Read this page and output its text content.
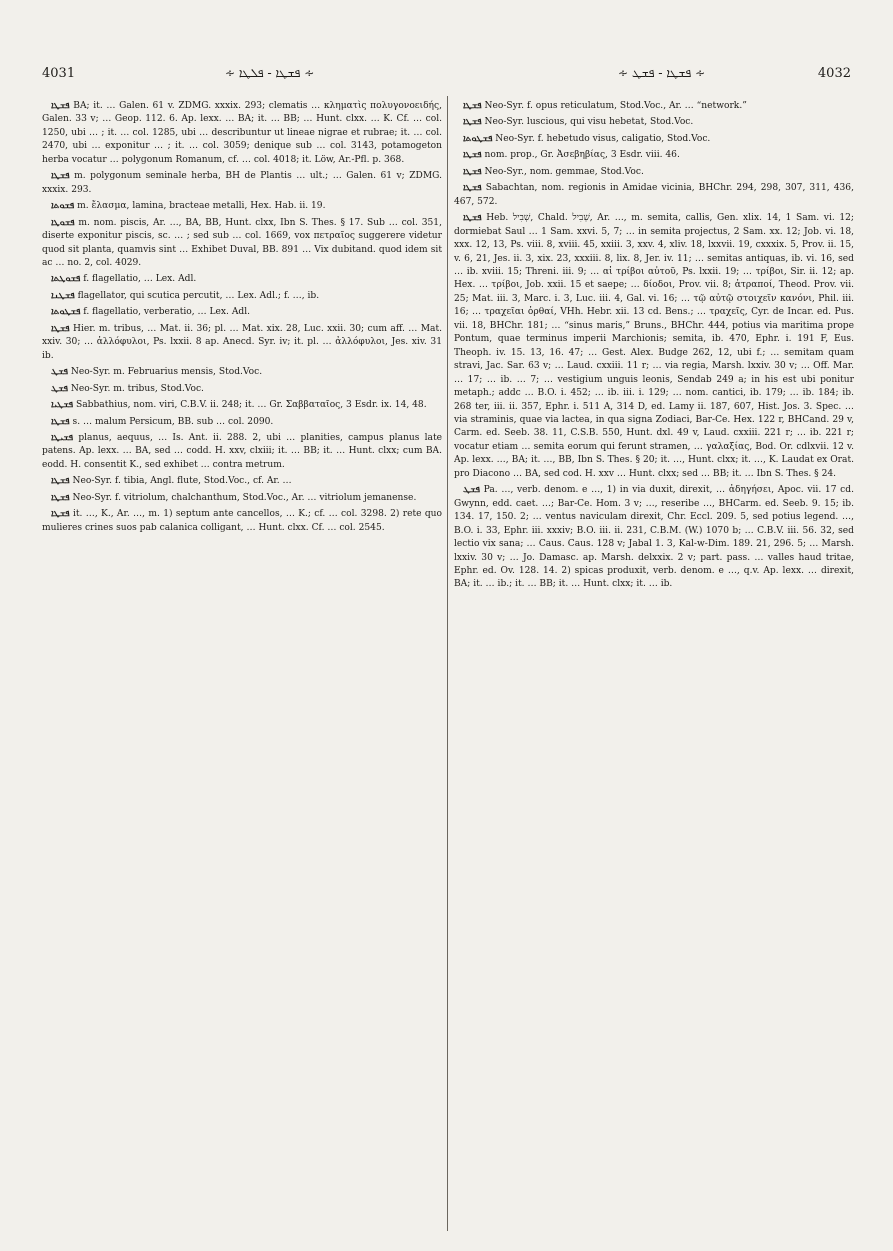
4031	∻ ܦܫܛܐ - ܦܠܛܐ ∻	∻ ܦܫܛܐ - ܦܫܛ ∻	4032

ܦܫܛܐ BA; it. … Galen. 61 v. ZDMG. xxxix. 293; clematis … κληματὶς πολυγονοειδής, Galen. 33 v; … Geop. 112. 6. Ap. lexx. … BA; it. … BB; … Hunt. clxx. … K. Cf. … col. 1250, ubi … ; it. … col. 1285, ubi … describuntur ut lineae nigrae et rubrae; it. … col. 2470, ubi … exponitur … ; it. … col. 3059; denique sub … col. 3143, potamogeton herba vocatur … polygonum Romanum, cf. … col. 4018; it. Löw, Ar.-Pfl. p. 368.

ܦܫܛܐ m. polygonum seminale herba, BH de Plantis … ult.; … Galen. 61 v; ZDMG. xxxix. 293.

ܦܫܘܬܐ m. ἔλασμα, lamina, bracteae metalli, Hex. Hab. ii. 19.

ܦܫܘܛܐ m. nom. piscis, Ar. …, BA, BB, Hunt. clxx, Ibn S. Thes. § 17. Sub … col. 351, diserte exponitur piscis, sc. … ; sed sub … col. 1669, vox πετραῖος suggerere videtur quod sit planta, quamvis sint … Exhibet Duval, BB. 891 … Vix dubitand. quod idem sit ac … no. 2, col. 4029.

ܦܫܘܛܬܐ f. flagellatio, … Lex. Adl.

ܦܫܛܢܐ flagellator, qui scutica percutit, … Lex. Adl.; f. …, ib.

ܦܫܛܘܬܐ f. flagellatio, verberatio, … Lex. Adl.

ܦܫܛܐ Hier. m. tribus, … Mat. ii. 36; pl. … Mat. xix. 28, Luc. xxii. 30; cum aff. … Mat. xxiv. 30; … ἀλλόφυλοι, Ps. lxxii. 8 ap. Anecd. Syr. iv; it. pl. … ἀλλόφυλοι, Jes. xiv. 31 ib.

ܦܫܛ Neo-Syr. m. Februarius mensis, Stod.Voc.

ܦܫܛ Neo-Syr. m. tribus, Stod.Voc.

ܦܫܛܝܐ Sabbathius, nom. viri, C.B.V. ii. 248; it. … Gr. Σαββαταῖος, 3 Esdr. ix. 14, 48.

ܦܫܛܐ s. … malum Persicum, BB. sub … col. 2090.

ܦܫܝܛܐ planus, aequus, … Is. Ant. ii. 288. 2, ubi … planities, campus planus late patens. Ap. lexx. … BA, sed … codd. H. xxv, clxiii; it. … BB; it. … Hunt. clxx; cum BA. eodd. H. consentit K., sed exhibet … contra metrum.

ܦܫܛܐ Neo-Syr. f. tibia, Angl. flute, Stod.Voc., cf. Ar. …

ܦܫܛܐ Neo-Syr. f. vitriolum, chalchanthum, Stod.Voc., Ar. … vitriolum jemanense.

ܦܫܛܐ it. …, K., Ar. …, m. 1) septum ante cancellos, … K.; cf. … col. 3298. 2) rete quo mulieres crines suos pab calanica colligant, … Hunt. clxx. Cf. … col. 2545.

ܦܫܛܐ Neo-Syr. f. opus reticulatum, Stod.Voc., Ar. … “network.”

ܦܫܛܐ Neo-Syr. luscious, qui visu hebetat, Stod.Voc.

ܦܫܛܘܬܐ Neo-Syr. f. hebetudo visus, caligatio, Stod.Voc.

ܦܫܛܐ nom. prop., Gr. Ἀσεβηβίας, 3 Esdr. viii. 46.

ܦܫܛܐ Neo-Syr., nom. gemmae, Stod.Voc.

ܦܫܛܐ Sabachtan, nom. regionis in Amidae vicinia, BHChr. 294, 298, 307, 311, 436, 467, 572.

ܦܫܛܐ Heb. שְׁבִיל, Chald. שְׁבִיל, Ar. …, m. semita, callis, Gen. xlix. 14, 1 Sam. vi. 12; dormiebat Saul … 1 Sam. xxvi. 5, 7; … in semita projectus, 2 Sam. xx. 12; Job. vi. 18, xxx. 12, 13, Ps. viii. 8, xviii. 45, xxiii. 3, xxv. 4, xliv. 18, lxxvii. 19, cxxxix. 5, Prov. ii. 15, v. 6, 21, Jes. ii. 3, xix. 23, xxxiii. 8, lix. 8, Jer. iv. 11; … semitas antiquas, ib. vi. 16, sed … ib. xviii. 15; Threni. iii. 9; … αἱ τρίβοι αὐτοῦ, Ps. lxxii. 19; … τρίβοι, Sir. ii. 12; ap. Hex. … τρίβοι, Job. xxii. 15 et saepe; … δίοδοι, Prov. vii. 8; ἀτραποί, Theod. Prov. vii. 25; Mat. iii. 3, Marc. i. 3, Luc. iii. 4, Gal. vi. 16; … τῷ αὐτῷ στοιχεῖν κανόνι, Phil. iii. 16; … τραχεῖαι ὀρθαί, VHh. Hebr. xii. 13 cd. Bens.; … τραχεῖς, Cyr. de Incar. ed. Pus. vii. 18, BHChr. 181; … “sinus maris,” Bruns., BHChr. 444, potius via maritima prope Pontum, quae terminus imperii Marchionis; semita, ib. 470, Ephr. i. 191 F, Eus. Theoph. iv. 15. 13, 16. 47; … Gest. Alex. Budge 262, 12, ubi f.; … semitam quam stravi, Jac. Sar. 63 v; … Laud. cxxiii. 11 r; … via regia, Marsh. lxxiv. 30 v; … Off. Mar. … 17; … ib. … 7; … vestigium unguis leonis, Sendab 249 a; in his est ubi ponitur metaph.; addc … B.O. i. 452; … ib. iii. i. 129; … nom. cantici, ib. 179; … ib. 184; ib. 268 ter, iii. ii. 357, Ephr. i. 511 A, 314 D, ed. Lamy ii. 187, 607, Hist. Jos. 3. Spec. … via straminis, quae via lactea, in qua signa Zodiaci, Bar-Ce. Hex. 122 r, BHCand. 29 v, Carm. ed. Seeb. 38. 11, C.S.B. 550, Hunt. dxl. 49 v, Laud. cxxiii. 221 r; … ib. 221 r; vocatur etiam … semita eorum qui ferunt stramen, … γαλαξίας, Bod. Or. cdlxvii. 12 v. Ap. lexx. …, BA; it. …, BB, Ibn S. Thes. § 20; it. …, Hunt. clxx; it. …, K. Laudat ex Orat. pro Diacono … BA, sed cod. H. xxv … Hunt. clxx; sed … BB; it. … Ibn S. Thes. § 24.

ܦܫܛ Pa. …, verb. denom. e …, 1) in via duxit, direxit, … ἀδηγήσει, Apoc. vii. 17 cd. Gwynn, edd. caet. …; Bar-Ce. Hom. 3 v; …, reseribe …, BHCarm. ed. Seeb. 9. 15; ib. 134. 17, 150. 2; … ventus naviculam direxit, Chr. Eccl. 209. 5, sed potius legend. …, B.O. i. 33, Ephr. iii. xxxiv; B.O. iii. ii. 231, C.B.M. (W.) 1070 b; … C.B.V. iii. 56. 32, sed lectio vix sana; … Caus. Caus. 128 v; Jabal 1. 3, Kal-w-Dim. 189. 21, 296. 5; … Marsh. lxxiv. 30 v; … Jo. Damasc. ap. Marsh. delxxix. 2 v; part. pass. … valles haud tritae, Ephr. ed. Ov. 128. 14. 2) spicas produxit, verb. denom. e …, q.v. Ap. lexx. … direxit, BA; it. … ib.; it. … BB; it. … Hunt. clxx; it. … ib.
